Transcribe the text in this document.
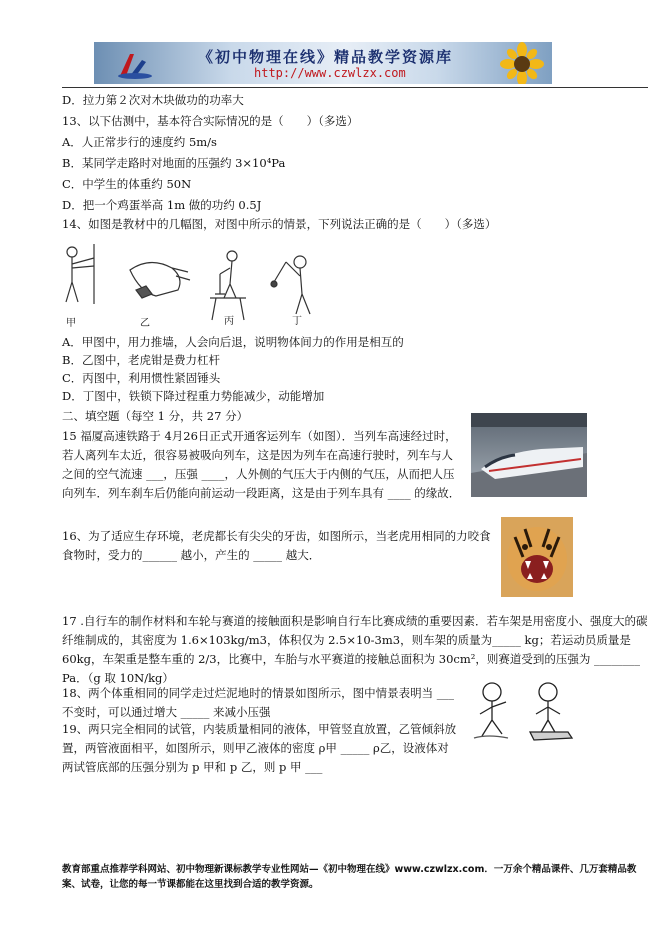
《初中物理在线》精品教学资源库
http://www.czwlzx.com
D．拉力第２次对木块做功的功率大
13、以下估测中，基本符合实际情况的是（　　）（多选）
A．人正常步行的速度约 5m/s
B．某同学走路时对地面的压强约 3×10⁴Pa
C．中学生的体重约 50N
D．把一个鸡蛋举高 1m 做的功约 0.5J
14、如图是教材中的几幅图，对图中所示的情景，下列说法正确的是（　　）（多选）
甲	乙	丙	丁
A．甲图中，用力推墙，人会向后退，说明物体间力的作用是相互的
B．乙图中，老虎钳是费力杠杆
C．丙图中，利用惯性紧固锤头
D．丁图中，铁锁下降过程重力势能减少，动能增加
二、填空题（每空 1 分，共 27 分）
15 福厦高速铁路于 4月26日正式开通客运列车（如图）．当列车高速经过时，若人离列车太近，很容易被吸向列车，这是因为列车在高速行驶时，列车与人之间的空气流速 ___，压强 ____，人外侧的气压大于内侧的气压，从而把人压向列车．列车刹车后仍能向前运动一段距离，这是由于列车具有 ____ 的缘故．
16、为了适应生存环境，老虎都长有尖尖的牙齿，如图所示，当老虎用相同的力咬食食物时，受力的______ 越小，产生的 _____ 越大．
17 .自行车的制作材料和车轮与赛道的接触面积是影响自行车比赛成绩的重要因素．若车架是用密度小、强度大的碳纤维制成的，其密度为 1.6×103kg/m3，体积仅为 2.5×10-3m3，则车架的质量为_____ kg；若运动员质量是 60kg，车架重是整车重的 2/3，比赛中，车胎与水平赛道的接触总面积为 30cm²，则赛道受到的压强为 ________ Pa．（g 取 10N/kg）
18、两个体重相同的同学走过烂泥地时的情景如图所示，图中情景表明当 ___不变时，可以通过增大 _____ 来减小压强
19、两只完全相同的试管，内装质量相同的液体，甲管竖直放置，乙管倾斜放置，两管液面相平，如图所示，则甲乙液体的密度 ρ甲 _____ ρ乙，设液体对两试管底部的压强分别为 p 甲和 p 乙，则 p 甲 ___
教育部重点推荐学科网站、初中物理新课标教学专业性网站—《初中物理在线》www.czwlzx.com．一万余个精品课件、几万套精品教案、试卷，让您的每一节课都能在这里找到合适的教学资源。
